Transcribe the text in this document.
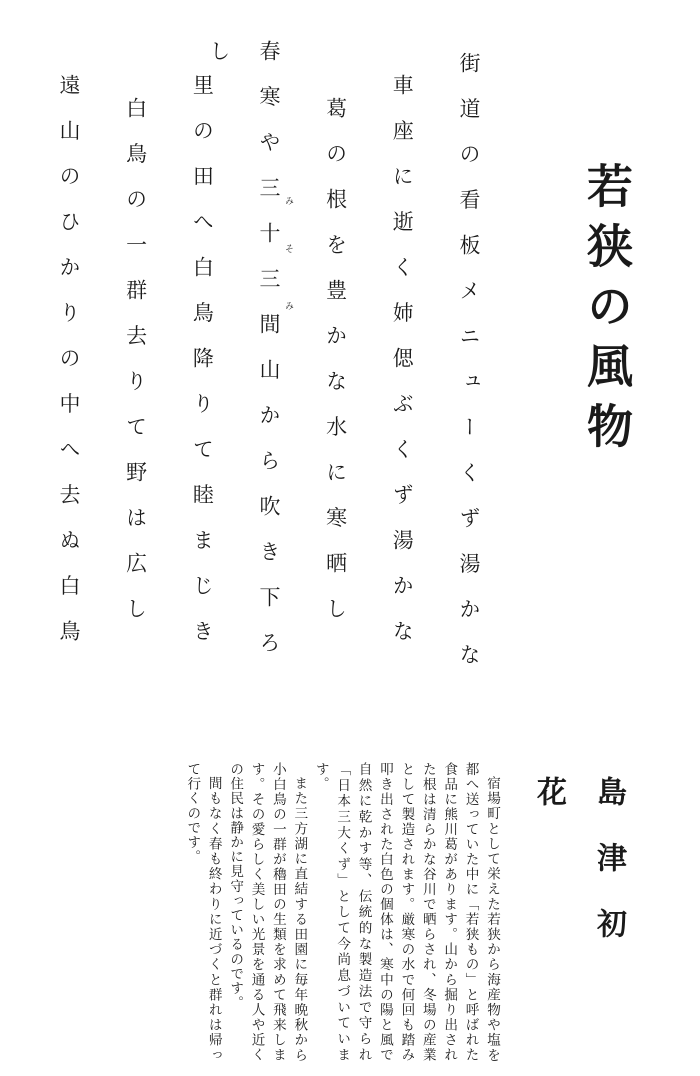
若狭の風物
島津初花
街道の看板メニューくず湯かな
車座に逝く姉偲ぶくず湯かな
葛の根を豊かな水に寒晒し
春寒や三十三間山から吹き下ろし
里の田へ白鳥降りて睦まじき
白鳥の一群去りて野は広し
遠山のひかりの中へ去ぬ白鳥	み
そ
み

宿場町として栄えた若狭から海産物や塩を都へ送っていた中に「若狭もの」と呼ばれた食品に熊川葛があります。山から掘り出された根は清らかな谷川で晒らされ、冬場の産業として製造されます。厳寒の水で何回も踏み叩き出された白色の個体は、寒中の陽と風で自然に乾かす等、伝統的な製造法で守られ「日本三大くず」として今尚息づいています。

また三方湖に直結する田園に毎年晩秋から小白鳥の一群が穭田の生類を求めて飛来します。その愛らしく美しい光景を通る人や近くの住民は静かに見守っているのです。

間もなく春も終わりに近づくと群れは帰って行くのです。
